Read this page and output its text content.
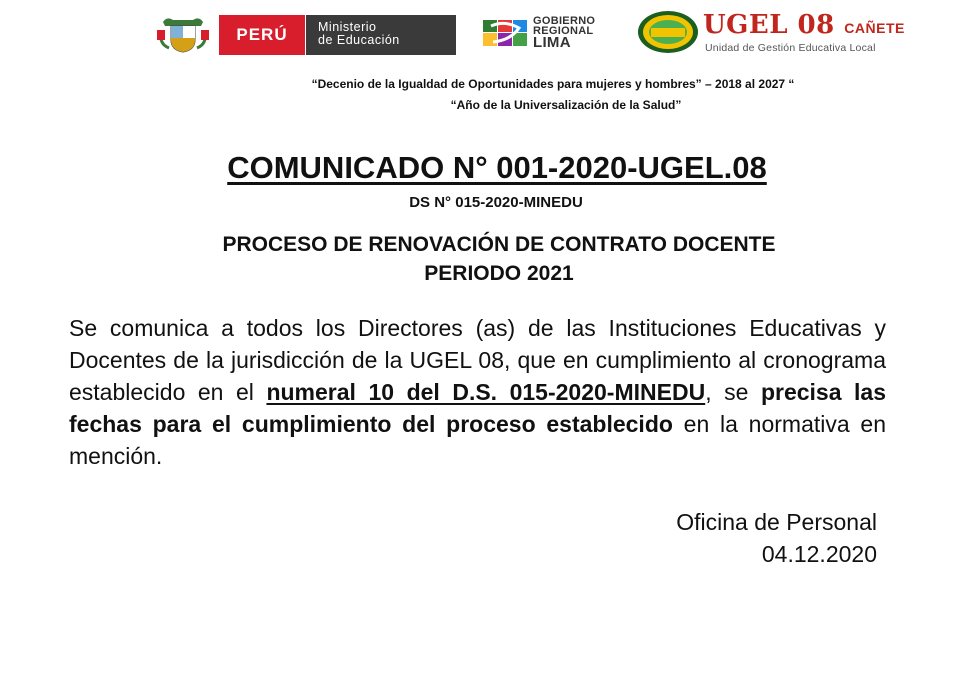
PERÚ Ministerio
de Educación
GOBIERNO
REGIONAL
LIMA
UGEL 08 CAÑETE
Unidad de Gestión Educativa Local
“Decenio de la Igualdad de Oportunidades para mujeres y hombres” – 2018 al 2027 “
“Año de la Universalización de la Salud”
COMUNICADO N° 001-2020-UGEL.08
DS N° 015-2020-MINEDU
PROCESO DE RENOVACIÓN DE CONTRATO DOCENTE
PERIODO 2021
Se comunica a todos los Directores (as) de las Instituciones Educativas y Docentes de la jurisdicción de la UGEL 08, que en cumplimiento al cronograma establecido en el numeral 10 del D.S. 015-2020-MINEDU, se precisa las fechas para el cumplimiento del proceso establecido en la normativa en mención.
Oficina de Personal
04.12.2020
